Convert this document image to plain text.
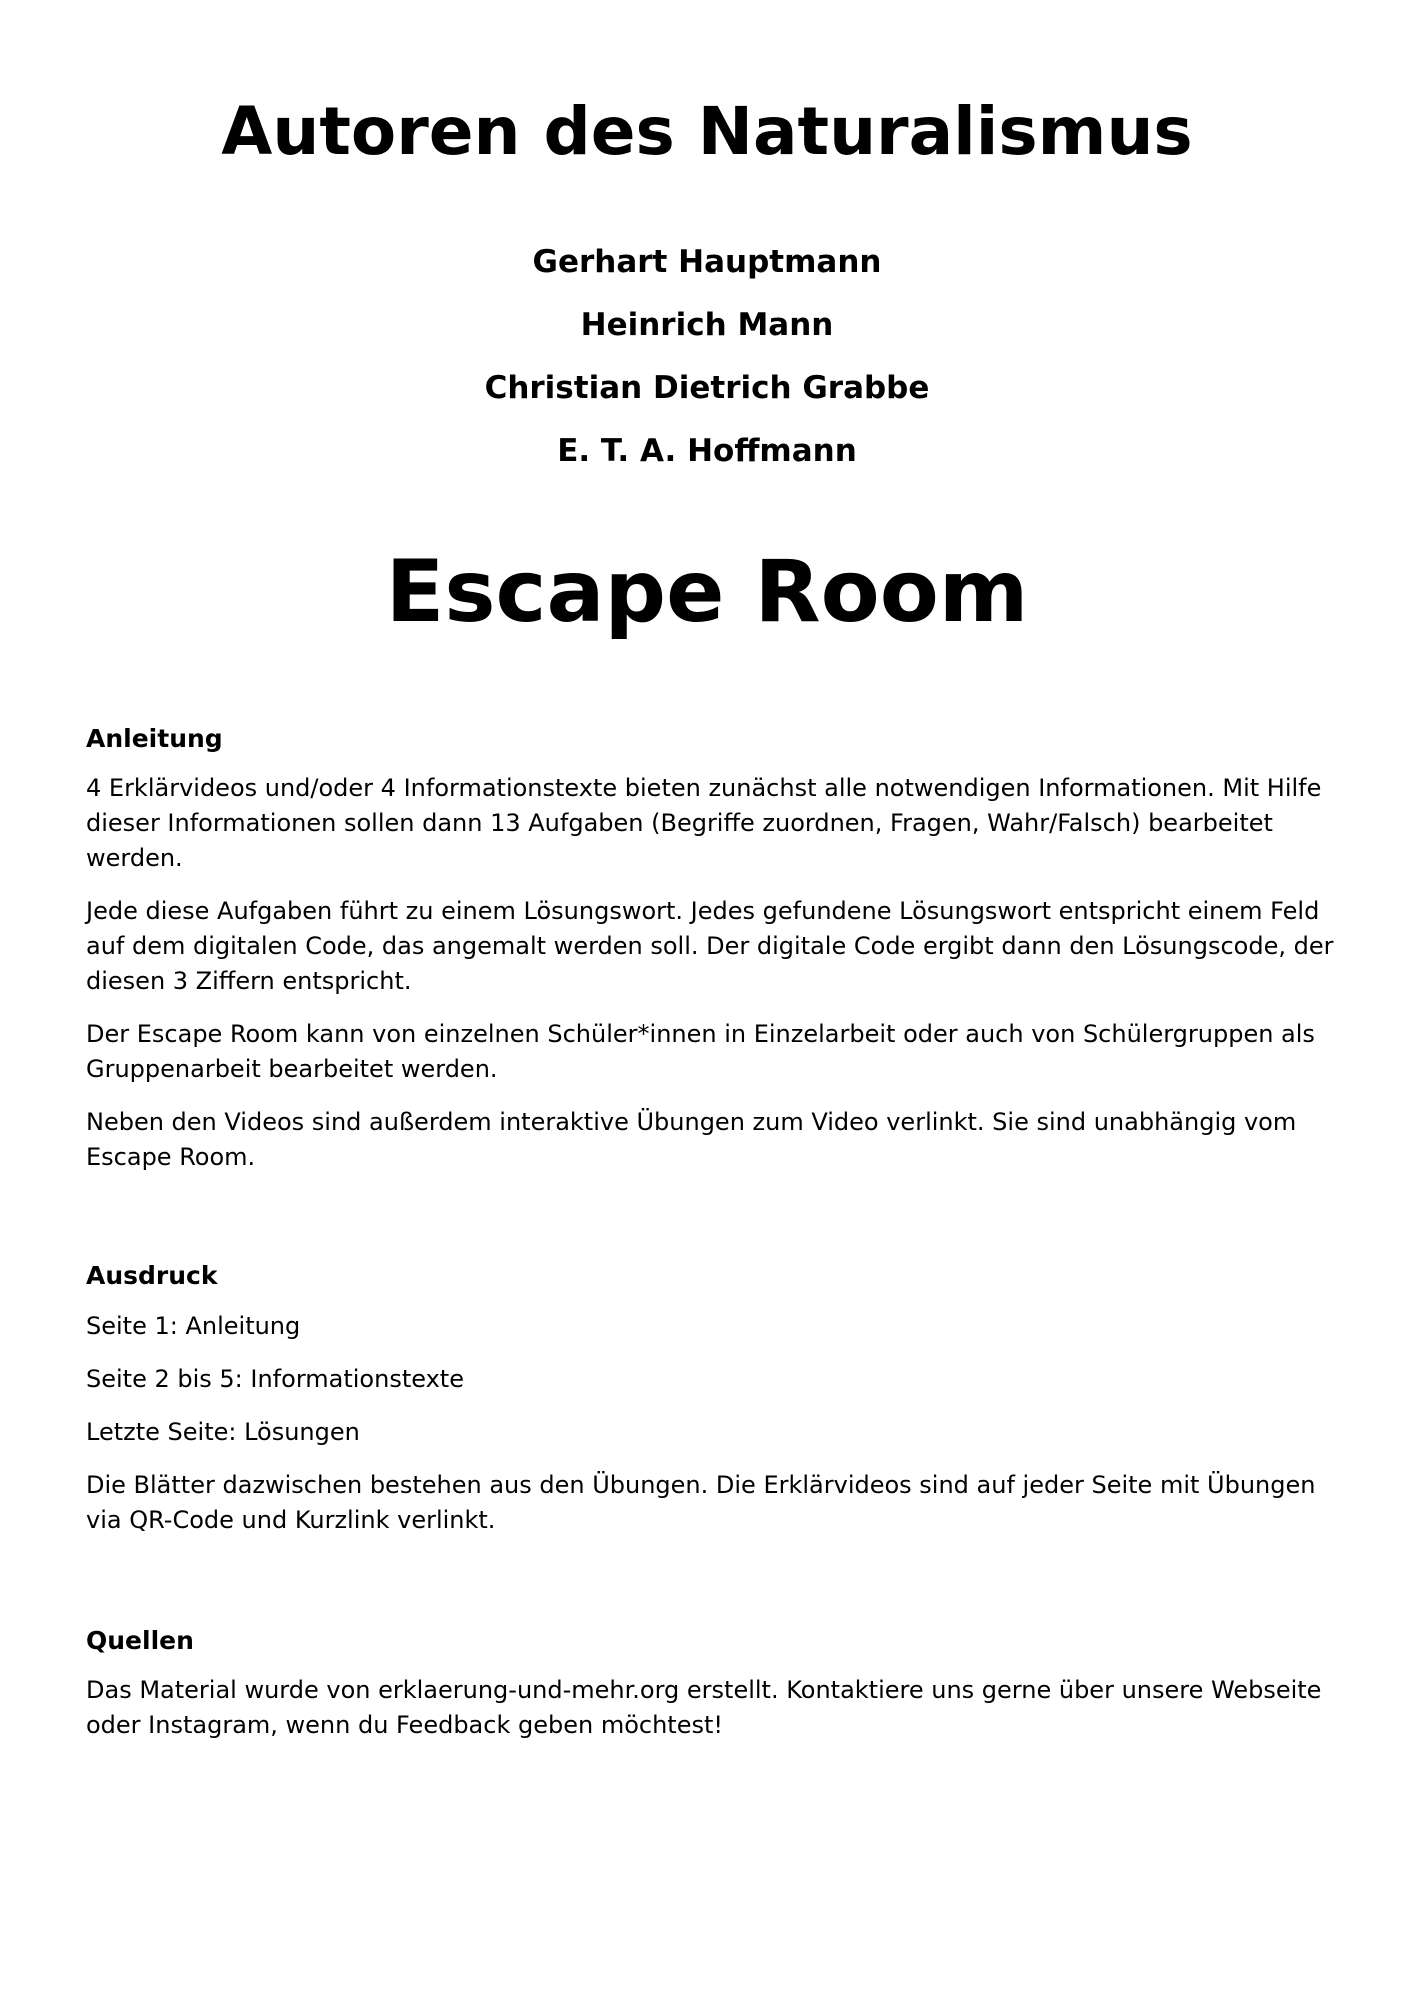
Autoren des Naturalismus
Gerhart Hauptmann
Heinrich Mann
Christian Dietrich Grabbe
E. T. A. Hoffmann
Escape Room
Anleitung

4 Erklärvideos und/oder 4 Informationstexte bieten zunächst alle notwendigen Informationen. Mit Hilfe dieser Informationen sollen dann 13 Aufgaben (Begriffe zuordnen, Fragen, Wahr/Falsch) bearbeitet werden.

Jede diese Aufgaben führt zu einem Lösungswort. Jedes gefundene Lösungswort entspricht einem Feld auf dem digitalen Code, das angemalt werden soll. Der digitale Code ergibt dann den Lösungscode, der diesen 3 Ziffern entspricht.

Der Escape Room kann von einzelnen Schüler*innen in Einzelarbeit oder auch von Schülergruppen als Gruppenarbeit bearbeitet werden.

Neben den Videos sind außerdem interaktive Übungen zum Video verlinkt. Sie sind unabhängig vom Escape Room.

Ausdruck

Seite 1: Anleitung

Seite 2 bis 5: Informationstexte

Letzte Seite: Lösungen

Die Blätter dazwischen bestehen aus den Übungen. Die Erklärvideos sind auf jeder Seite mit Übungen via QR-Code und Kurzlink verlinkt.

Quellen

Das Material wurde von erklaerung-und-mehr.org erstellt. Kontaktiere uns gerne über unsere Webseite oder Instagram, wenn du Feedback geben möchtest!
